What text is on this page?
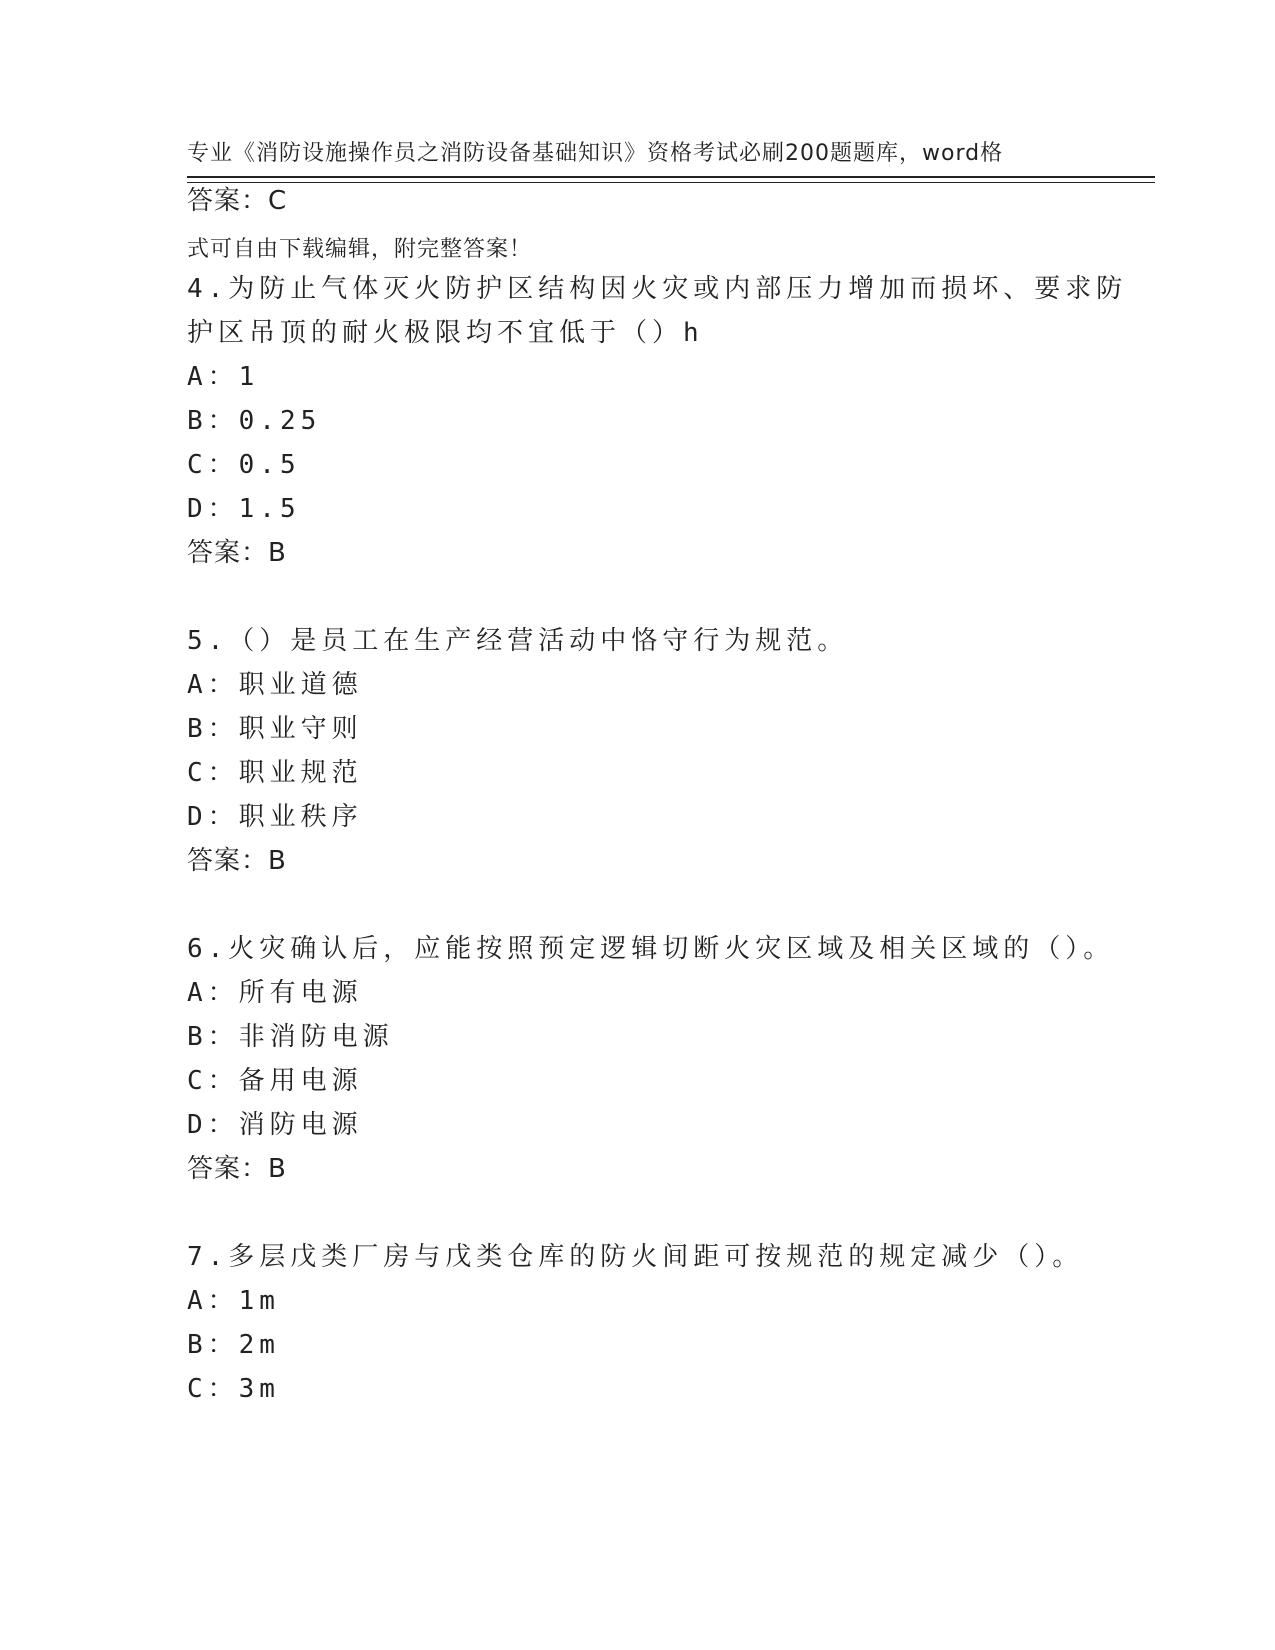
专业《消防设施操作员之消防设备基础知识》资格考试必刷200题题库，word格

式可自由下载编辑，附完整答案！

答案：C
4.为防止气体灭火防护区结构因火灾或内部压力增加而损坏、要求防
护区吊顶的耐火极限均不宜低于（）h
A：1
B：0.25
C：0.5
D：1.5
答案：B
5.（）是员工在生产经营活动中恪守行为规范。
A：职业道德
B：职业守则
C：职业规范
D：职业秩序
答案：B
6.火灾确认后，应能按照预定逻辑切断火灾区域及相关区域的（）。
A：所有电源
B：非消防电源
C：备用电源
D：消防电源
答案：B
7.多层戊类厂房与戊类仓库的防火间距可按规范的规定减少（）。
A：1m
B：2m
C：3m
